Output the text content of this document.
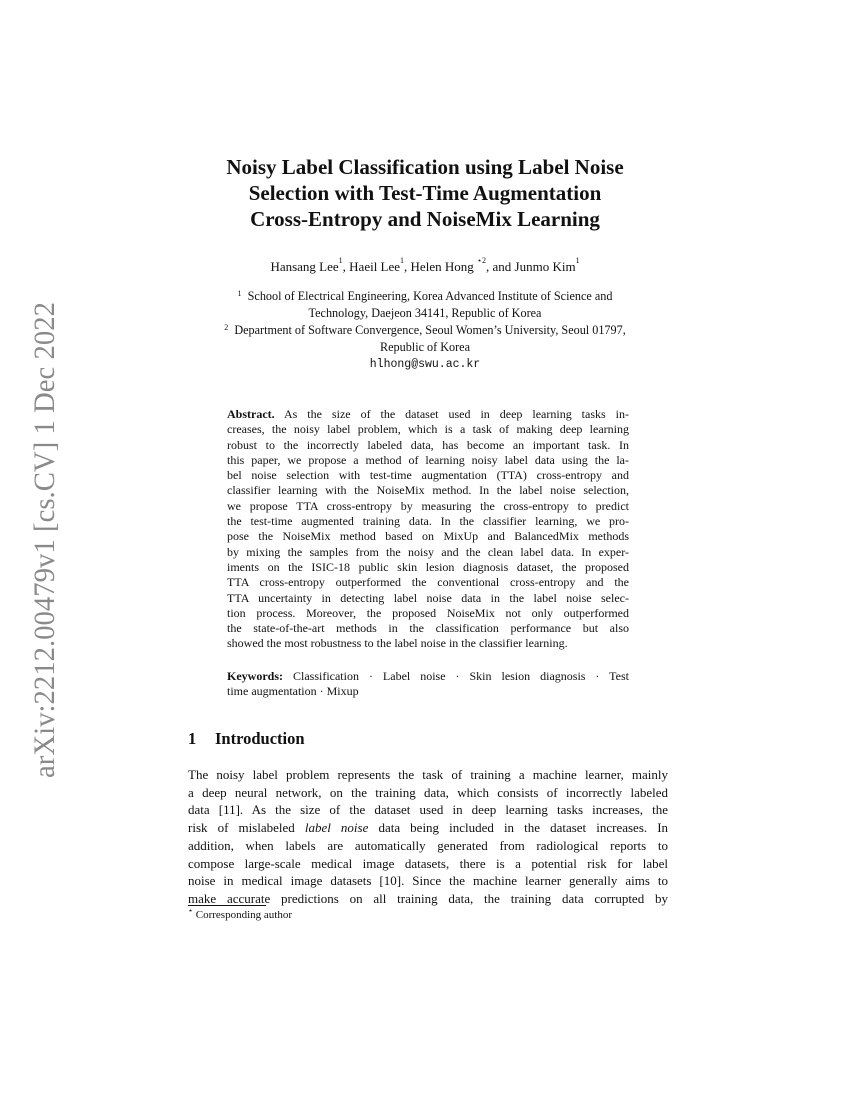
arXiv:2212.00479v1 [cs.CV] 1 Dec 2022
Noisy Label Classification using Label Noise
Selection with Test-Time Augmentation
Cross-Entropy and NoiseMix Learning
Hansang Lee$^1$, Haeil Lee$^1$, Helen Hong $^{⋆2}$, and Junmo Kim$^1$
$^1$ School of Electrical Engineering, Korea Advanced Institute of Science and
Technology, Daejeon 34141, Republic of Korea
$^2$ Department of Software Convergence, Seoul Women’s University, Seoul 01797,
Republic of Korea
hlhong@swu.ac.kr
Abstract. As the size of the dataset used in deep learning tasks in-
creases, the noisy label problem, which is a task of making deep learning
robust to the incorrectly labeled data, has become an important task. In
this paper, we propose a method of learning noisy label data using the la-
bel noise selection with test-time augmentation (TTA) cross-entropy and
classifier learning with the NoiseMix method. In the label noise selection,
we propose TTA cross-entropy by measuring the cross-entropy to predict
the test-time augmented training data. In the classifier learning, we pro-
pose the NoiseMix method based on MixUp and BalancedMix methods
by mixing the samples from the noisy and the clean label data. In exper-
iments on the ISIC-18 public skin lesion diagnosis dataset, the proposed
TTA cross-entropy outperformed the conventional cross-entropy and the
TTA uncertainty in detecting label noise data in the label noise selec-
tion process. Moreover, the proposed NoiseMix not only outperformed
the state-of-the-art methods in the classification performance but also
showed the most robustness to the label noise in the classifier learning.
Keywords: Classification · Label noise · Skin lesion diagnosis · Test
time augmentation · Mixup
1 Introduction
The noisy label problem represents the task of training a machine learner, mainly
a deep neural network, on the training data, which consists of incorrectly labeled
data [11]. As the size of the dataset used in deep learning tasks increases, the
risk of mislabeled label noise data being included in the dataset increases. In
addition, when labels are automatically generated from radiological reports to
compose large-scale medical image datasets, there is a potential risk for label
noise in medical image datasets [10]. Since the machine learner generally aims to
make accurate predictions on all training data, the training data corrupted by
⋆ Corresponding author
